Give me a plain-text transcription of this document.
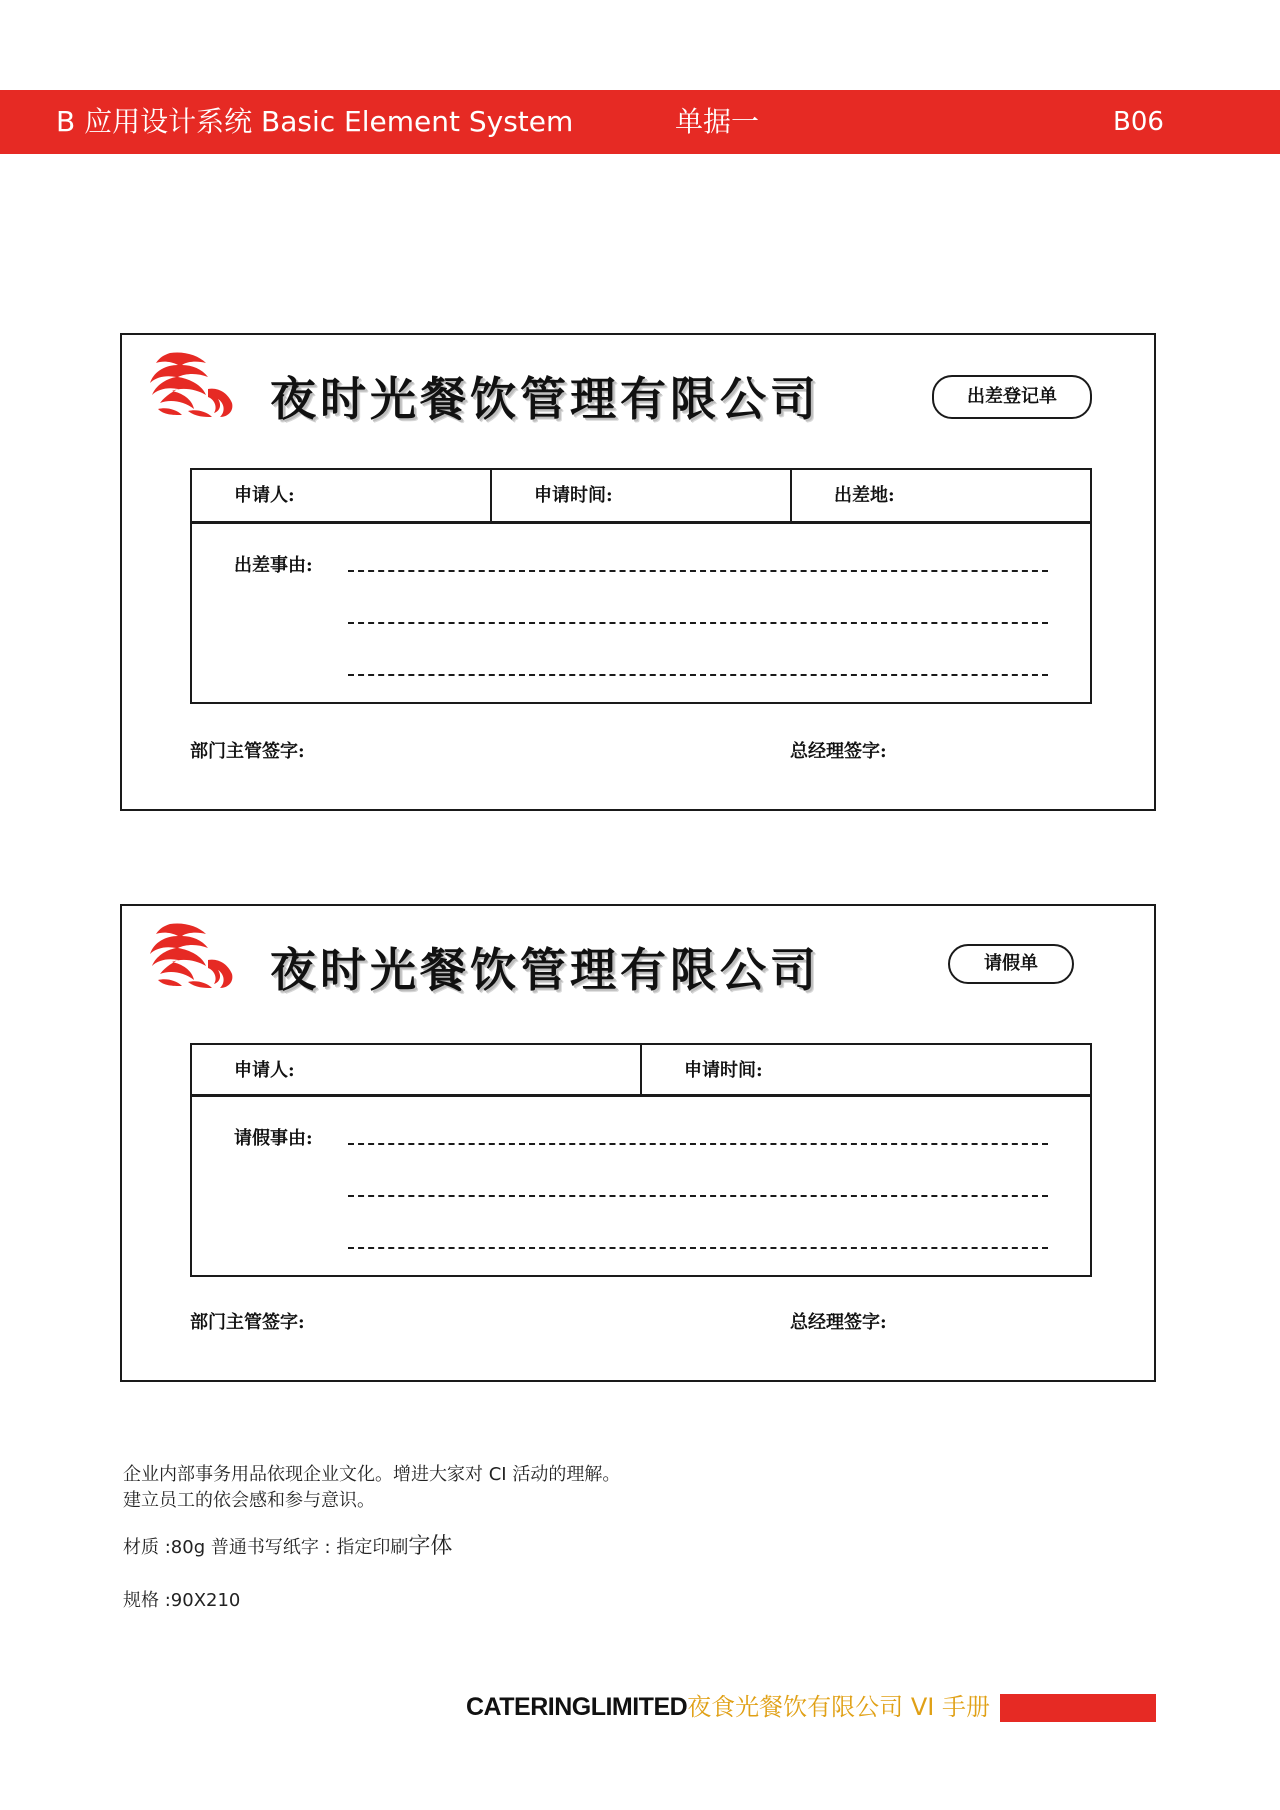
B 应用设计系统 Basic Element System	单据一	B06
夜时光餐饮管理有限公司	出差登记单
申请人:	申请时间:	出差地:
出差事由:
部门主管签字:	总经理签字:
夜时光餐饮管理有限公司	请假单
申请人:	申请时间:
请假事由:
部门主管签字:	总经理签字:
企业内部事务用品依现企业文化。增进大家对 CI 活动的理解。
建立员工的依会感和参与意识。
材质 :80g 普通书写纸字 : 指定印刷字体
规格 :90X210
CATERINGLIMITED夜食光餐饮有限公司 VI 手册
